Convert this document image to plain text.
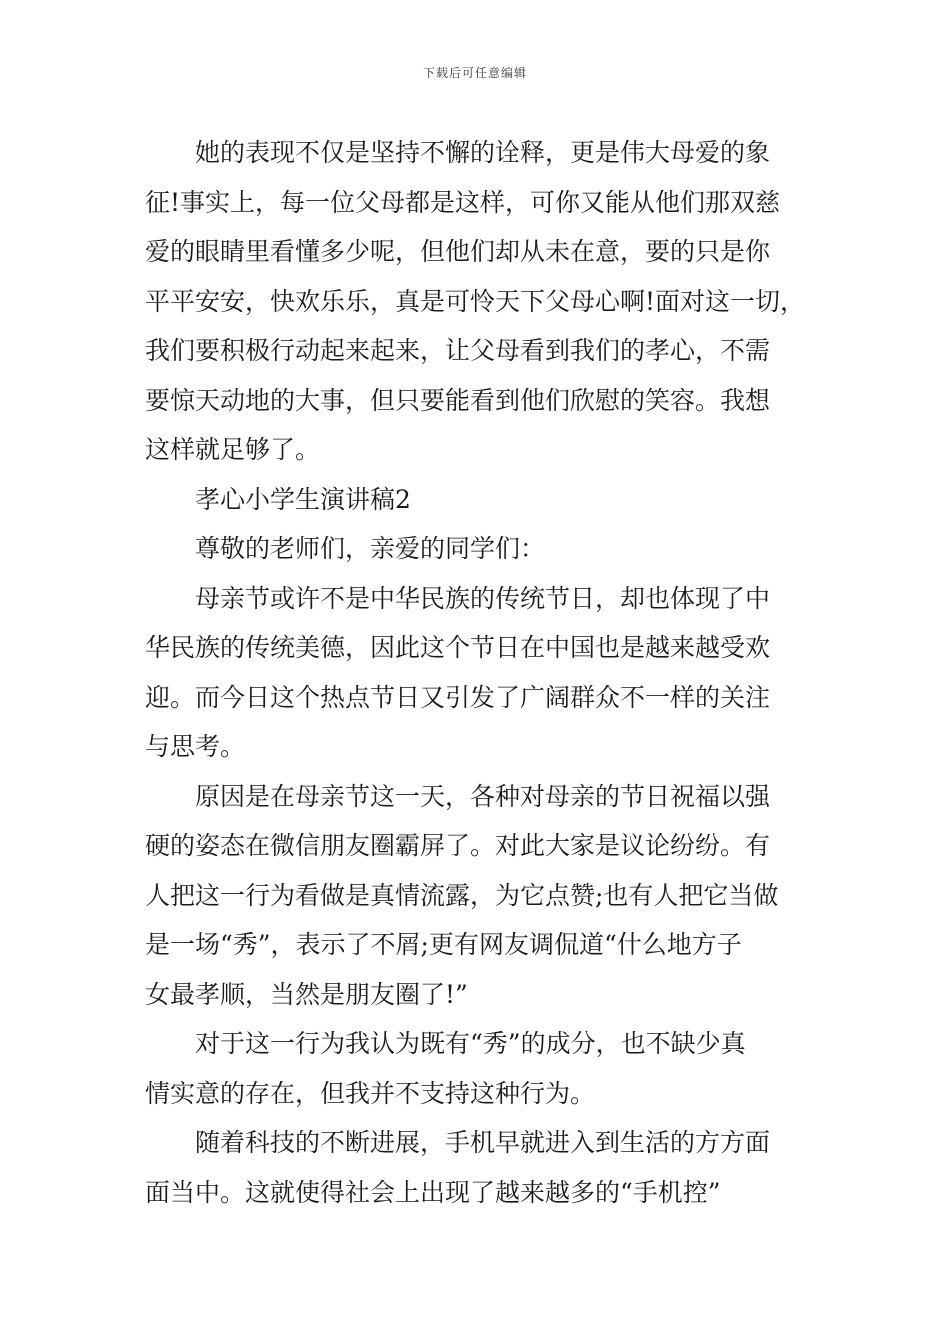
下载后可任意编辑

她的表现不仅是坚持不懈的诠释，更是伟大母爱的象
征!事实上，每一位父母都是这样，可你又能从他们那双慈
爱的眼睛里看懂多少呢，但他们却从未在意，要的只是你
平平安安，快欢乐乐，真是可怜天下父母心啊!面对这一切，
我们要积极行动起来起来，让父母看到我们的孝心，不需
要惊天动地的大事，但只要能看到他们欣慰的笑容。我想
这样就足够了。

孝心小学生演讲稿2

尊敬的老师们，亲爱的同学们：

母亲节或许不是中华民族的传统节日，却也体现了中
华民族的传统美德，因此这个节日在中国也是越来越受欢
迎。而今日这个热点节日又引发了广阔群众不一样的关注
与思考。

原因是在母亲节这一天，各种对母亲的节日祝福以强
硬的姿态在微信朋友圈霸屏了。对此大家是议论纷纷。有
人把这一行为看做是真情流露，为它点赞;也有人把它当做
是一场“秀”，表示了不屑;更有网友调侃道“什么地方子
女最孝顺，当然是朋友圈了!”

对于这一行为我认为既有“秀”的成分，也不缺少真
情实意的存在，但我并不支持这种行为。

随着科技的不断进展，手机早就进入到生活的方方面
面当中。这就使得社会上出现了越来越多的“手机控”
